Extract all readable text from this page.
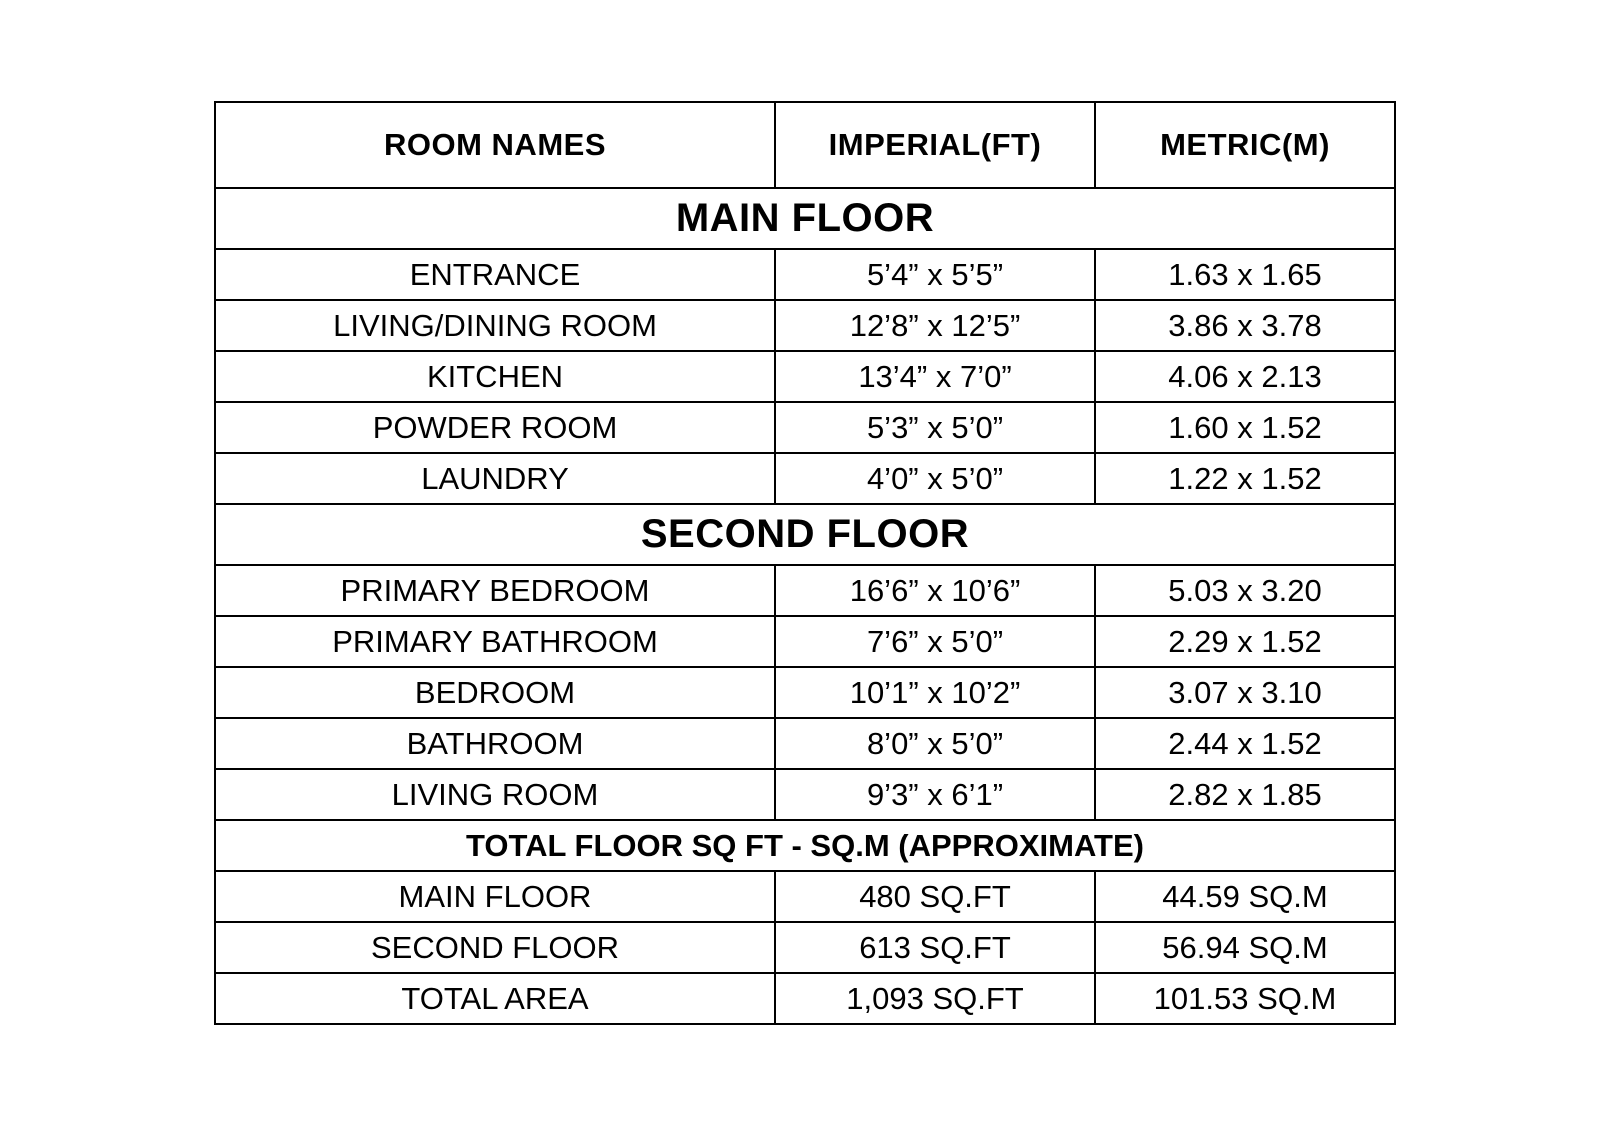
ROOM NAMES	IMPERIAL(FT)	METRIC(M)
MAIN FLOOR		
ENTRANCE	5’4” x 5’5”	1.63 x 1.65
LIVING/DINING ROOM	12’8” x 12’5”	3.86 x 3.78
KITCHEN	13’4” x 7’0”	4.06 x 2.13
POWDER ROOM	5’3” x 5’0”	1.60 x 1.52
LAUNDRY	4’0” x 5’0”	1.22 x 1.52
SECOND FLOOR		
PRIMARY BEDROOM	16’6” x 10’6”	5.03 x 3.20
PRIMARY BATHROOM	7’6” x 5’0”	2.29 x 1.52
BEDROOM	10’1” x 10’2”	3.07 x 3.10
BATHROOM	8’0” x 5’0”	2.44 x 1.52
LIVING ROOM	9’3” x 6’1”	2.82 x 1.85
TOTAL FLOOR SQ FT - SQ.M (APPROXIMATE)		
MAIN FLOOR	480 SQ.FT	44.59 SQ.M
SECOND FLOOR	613 SQ.FT	56.94 SQ.M
TOTAL AREA	1,093 SQ.FT	101.53 SQ.M
